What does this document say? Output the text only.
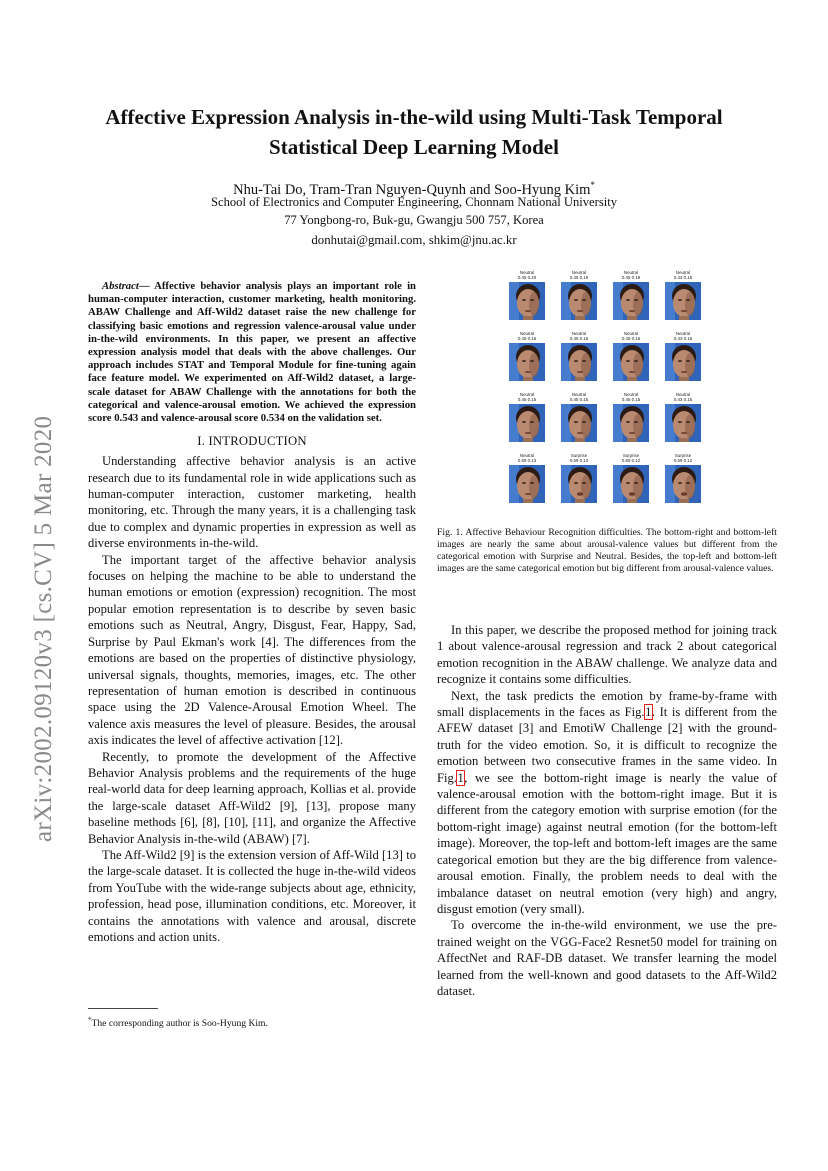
Affective Expression Analysis in-the-wild using Multi-Task Temporal
Statistical Deep Learning Model
Nhu-Tai Do, Tram-Tran Nguyen-Quynh and Soo-Hyung Kim*
School of Electronics and Computer Engineering, Chonnam National University
77 Yongbong-ro, Buk-gu, Gwangju 500 757, Korea
donhutai@gmail.com, shkim@jnu.ac.kr
arXiv:2002.09120v3 [cs.CV] 5 Mar 2020

Abstract— Affective behavior analysis plays an important role in human-computer interaction, customer marketing, health monitoring. ABAW Challenge and Aff-Wild2 dataset raise the new challenge for classifying basic emotions and regression valence-arousal value under in-the-wild environments. In this paper, we present an affective expression analysis model that deals with the above challenges. Our approach includes STAT and Temporal Module for fine-tuning again face feature model. We experimented on Aff-Wild2 dataset, a large-scale dataset for ABAW Challenge with the annotations for both the categorical and valence-arousal emotion. We achieved the expression score 0.543 and valence-arousal score 0.534 on the validation set.

I. INTRODUCTION

Understanding affective behavior analysis is an active research due to its fundamental role in wide applications such as human-computer interaction, customer marketing, health monitoring, etc. Through the many years, it is a challenging task due to complex and dynamic properties in expression as well as diverse environments in-the-wild.

The important target of the affective behavior analysis focuses on helping the machine to be able to understand the human emotions or emotion (expression) recognition. The most popular emotion representation is to describe by seven basic emotions such as Neutral, Angry, Disgust, Fear, Happy, Sad, Surprise by Paul Ekman's work [4]. The differences from the emotions are based on the properties of distinctive physiology, universal signals, thoughts, memories, images, etc. The other representation of human emotion is described in continuous space using the 2D Valence-Arousal Emotion Wheel. The valence axis measures the level of pleasure. Besides, the arousal axis indicates the level of affective activation [12].

Recently, to promote the development of the Affective Behavior Analysis problems and the requirements of the huge real-world data for deep learning approach, Kollias et al. provide the large-scale dataset Aff-Wild2 [9], [13], propose many baseline methods [6], [8], [10], [11], and organize the Affective Behavior Analysis in-the-wild (ABAW) [7].

The Aff-Wild2 [9] is the extension version of Aff-Wild [13] to the large-scale dataset. It is collected the huge in-the-wild videos from YouTube with the wide-range subjects about age, ethnicity, profession, head pose, illumination conditions, etc. Moreover, it contains the annotations with valence and arousal, discrete emotions and action units.

*The corresponding author is Soo-Hyung Kim.
Neutral
0.45 0.20
Neutral
0.45 0.19
Neutral
0.45 0.19
Neutral
0.43 0.15
Neutral
0.45 0.16
Neutral
0.45 0.16
Neutral
0.45 0.16
Neutral
0.43 0.16
Neutral
0.45 0.15
Neutral
0.45 0.15
Neutral
0.45 0.15
Neutral
0.43 0.15
Neutral
0.59 0.13
Surprise
0.59 0.13
Surprise
0.59 0.12
Surprise
0.59 0.12
Fig. 1. Affective Behaviour Recognition difficulties. The bottom-right and bottom-left images are nearly the same about arousal-valence values but different from the categorical emotion with Surprise and Neutral. Besides, the top-left and bottom-left images are the same categorical emotion but big different from arousal-valence values.

In this paper, we describe the proposed method for joining track 1 about valence-arousal regression and track 2 about categorical emotion recognition in the ABAW challenge. We analyze data and recognize it contains some difficulties.

Next, the task predicts the emotion by frame-by-frame with small displacements in the faces as Fig.1. It is different from the AFEW dataset [3] and EmotiW Challenge [2] with the ground-truth for the video emotion. So, it is difficult to recognize the emotion between two consecutive frames in the same video. In Fig.1, we see the bottom-right image is nearly the value of valence-arousal emotion with the bottom-right image. But it is different from the category emotion with surprise emotion (for the bottom-right image) against neutral emotion (for the bottom-left image). Moreover, the top-left and bottom-left images are the same categorical emotion but they are the big difference from valence-arousal emotion. Finally, the problem needs to deal with the imbalance dataset on neutral emotion (very high) and angry, disgust emotion (very small).

To overcome the in-the-wild environment, we use the pre-trained weight on the VGG-Face2 Resnet50 model for training on AffectNet and RAF-DB dataset. We transfer learning the model learned from the well-known and good datasets to the Aff-Wild2 dataset.
